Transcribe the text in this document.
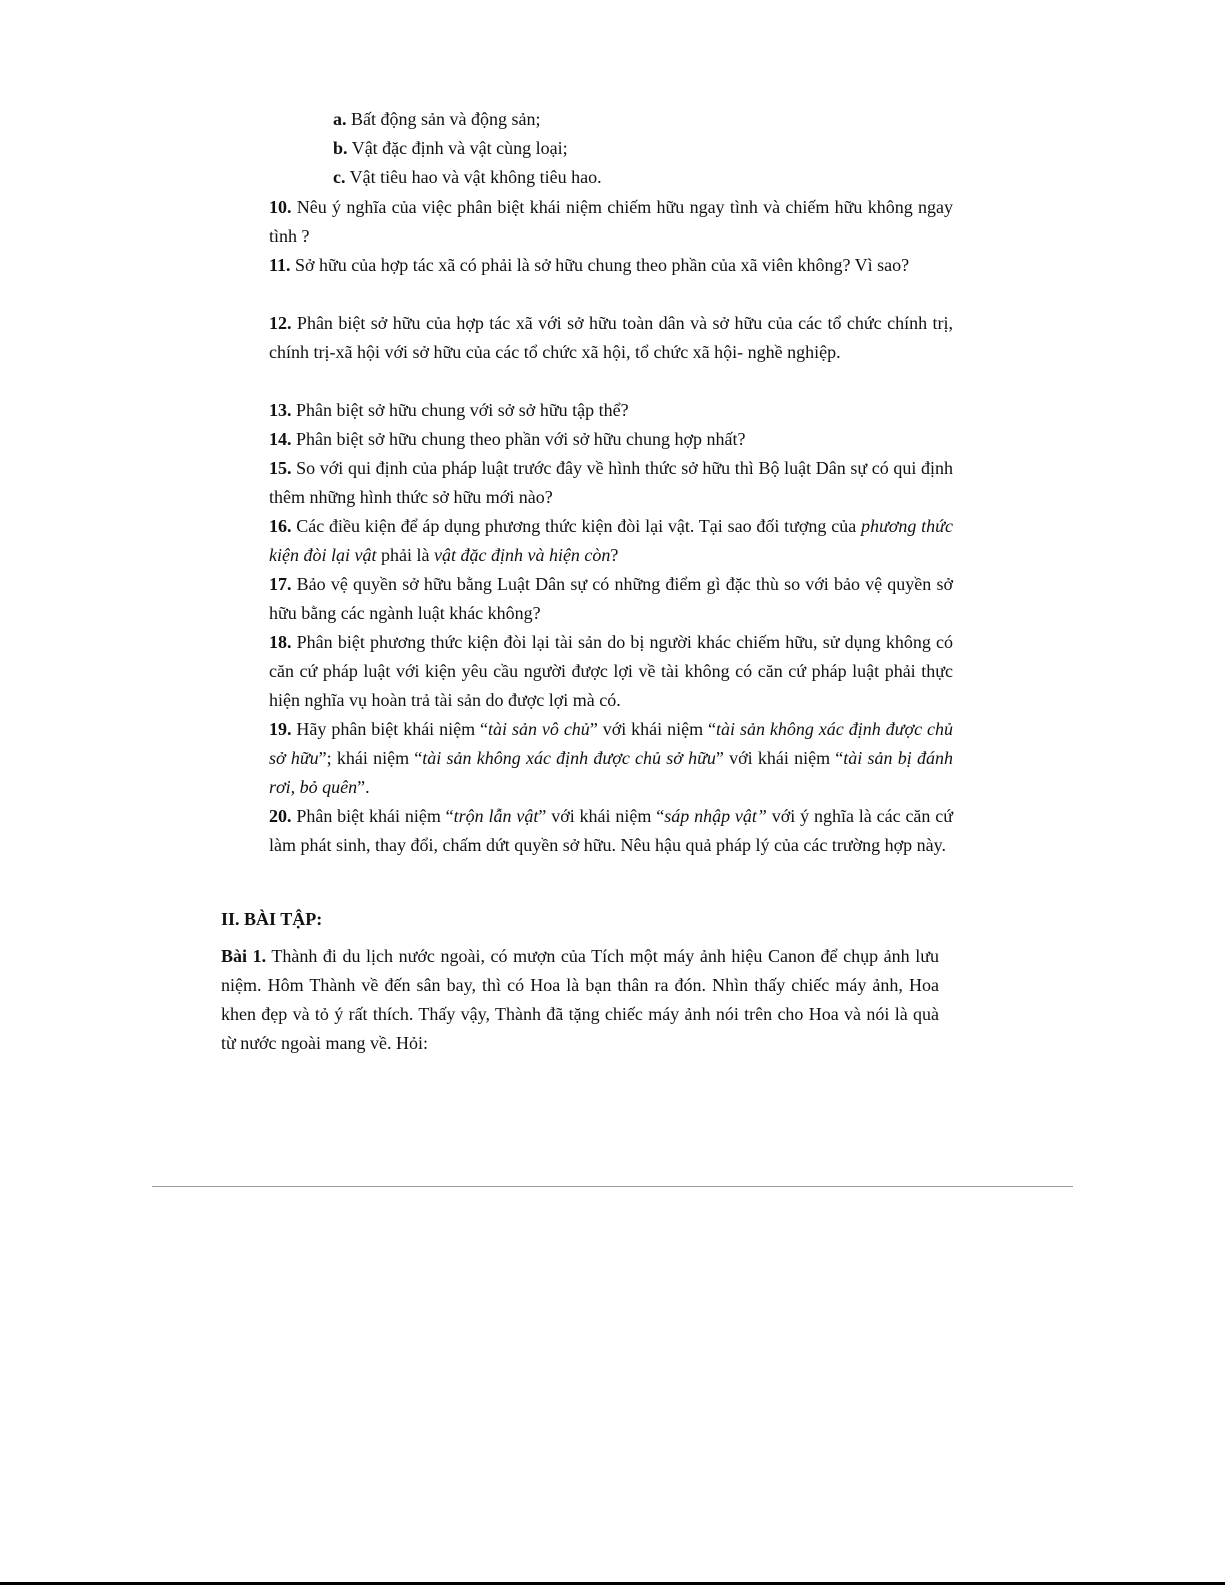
a. Bất động sản và động sản;
b. Vật đặc định và vật cùng loại;
c. Vật tiêu hao và vật không tiêu hao.
10. Nêu ý nghĩa của việc phân biệt khái niệm chiếm hữu ngay tình và chiếm hữu không ngay tình ?
11. Sở hữu của hợp tác xã có phải là sở hữu chung theo phần của xã viên không? Vì sao?
12. Phân biệt sở hữu của hợp tác xã với sở hữu toàn dân và sở hữu của các tổ chức chính trị, chính trị-xã hội với sở hữu của các tổ chức xã hội, tổ chức xã hội- nghề nghiệp.
13. Phân biệt sở hữu chung với sở sở hữu tập thể?
14. Phân biệt sở hữu chung theo phần với sở hữu chung hợp nhất?
15. So với qui định của pháp luật trước đây về hình thức sở hữu thì Bộ luật Dân sự có qui định thêm những hình thức sở hữu mới nào?
16. Các điều kiện để áp dụng phương thức kiện đòi lại vật. Tại sao đối tượng của phương thức kiện đòi lại vật phải là vật đặc định và hiện còn?
17. Bảo vệ quyền sở hữu bằng Luật Dân sự có những điểm gì đặc thù so với bảo vệ quyền sở hữu bằng các ngành luật khác không?
18. Phân biệt phương thức kiện đòi lại tài sản do bị người khác chiếm hữu, sử dụng không có căn cứ pháp luật với kiện yêu cầu người được lợi về tài không có căn cứ pháp luật phải thực hiện nghĩa vụ hoàn trả tài sản do được lợi mà có.
19. Hãy phân biệt khái niệm “tài sản vô chủ” với khái niệm “tài sản không xác định được chủ sở hữu”; khái niệm “tài sản không xác định được chủ sở hữu” với khái niệm “tài sản bị đánh rơi, bỏ quên”.
20. Phân biệt khái niệm “trộn lẫn vật” với khái niệm “sáp nhập vật” với ý nghĩa là các căn cứ làm phát sinh, thay đổi, chấm dứt quyền sở hữu. Nêu hậu quả pháp lý của các trường hợp này.
II. BÀI TẬP:
Bài 1. Thành đi du lịch nước ngoài, có mượn của Tích một máy ảnh hiệu Canon để chụp ảnh lưu niệm. Hôm Thành về đến sân bay, thì có Hoa là bạn thân ra đón. Nhìn thấy chiếc máy ảnh, Hoa khen đẹp và tỏ ý rất thích. Thấy vậy, Thành đã tặng chiếc máy ảnh nói trên cho Hoa và nói là quà từ nước ngoài mang về. Hỏi:
